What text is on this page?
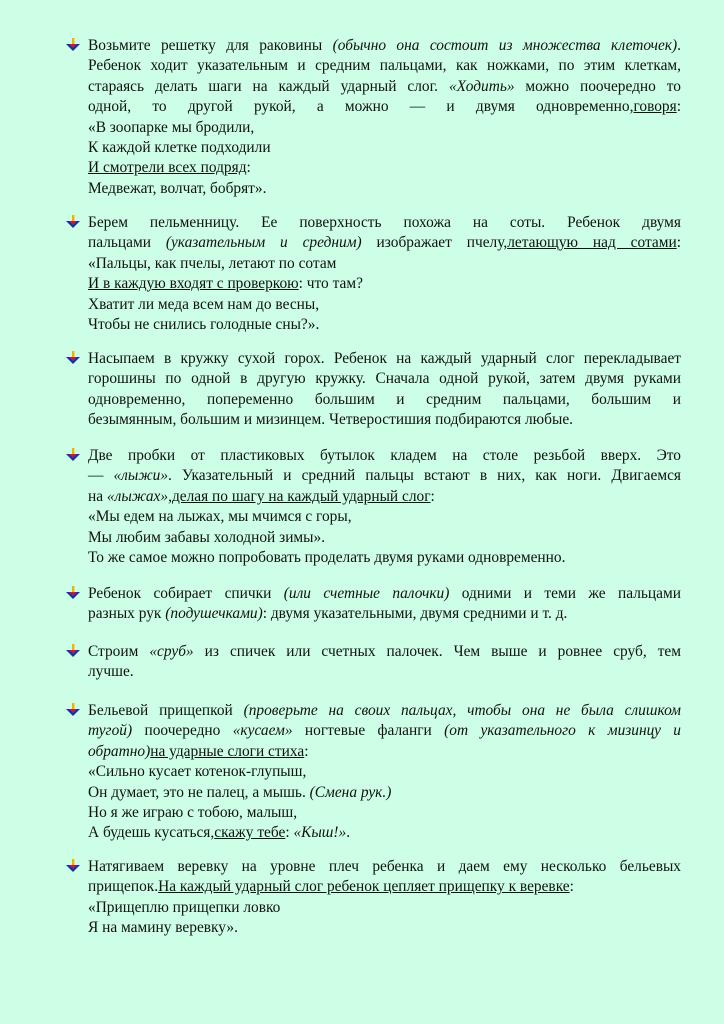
Возьмите решетку для раковины (обычно она состоит из множества клеточек).
Ребенок ходит указательным и средним пальцами, как ножками, по этим клеткам,
стараясь делать шаги на каждый ударный слог. «Ходить» можно поочередно то
одной, то другой рукой, а можно — и двумя одновременно,говоря:
«В зоопарке мы бродили,
К каждой клетке подходили
И смотрели всех подряд:
Медвежат, волчат, бобрят».
Берем пельменницу. Ее поверхность похожа на соты. Ребенок двумя
пальцами (указательным и средним) изображает пчелу,летающую над сотами:
«Пальцы, как пчелы, летают по сотам
И в каждую входят с проверкою: что там?
Хватит ли меда всем нам до весны,
Чтобы не снились голодные сны?».
Насыпаем в кружку сухой горох. Ребенок на каждый ударный слог перекладывает
горошины по одной в другую кружку. Сначала одной рукой, затем двумя руками
одновременно, попеременно большим и средним пальцами, большим и
безымянным, большим и мизинцем. Четверостишия подбираются любые.
Две пробки от пластиковых бутылок кладем на столе резьбой вверх. Это
— «лыжи». Указательный и средний пальцы встают в них, как ноги. Двигаемся
на «лыжах»,делая по шагу на каждый ударный слог:
«Мы едем на лыжах, мы мчимся с горы,
Мы любим забавы холодной зимы».
То же самое можно попробовать проделать двумя руками одновременно.
Ребенок собирает спички (или счетные палочки) одними и теми же пальцами
разных рук (подушечками): двумя указательными, двумя средними и т. д.
Строим «сруб» из спичек или счетных палочек. Чем выше и ровнее сруб, тем
лучше.
Бельевой прищепкой (проверьте на своих пальцах, чтобы она не была слишком
тугой) поочередно «кусаем» ногтевые фаланги (от указательного к мизинцу и
обратно)на ударные слоги стиха:
«Сильно кусает котенок-глупыш,
Он думает, это не палец, а мышь. (Смена рук.)
Но я же играю с тобою, малыш,
А будешь кусаться,скажу тебе: «Кыш!».
Натягиваем веревку на уровне плеч ребенка и даем ему несколько бельевых
прищепок.На каждый ударный слог ребенок цепляет прищепку к веревке:
«Прищеплю прищепки ловко
Я на мамину веревку».
